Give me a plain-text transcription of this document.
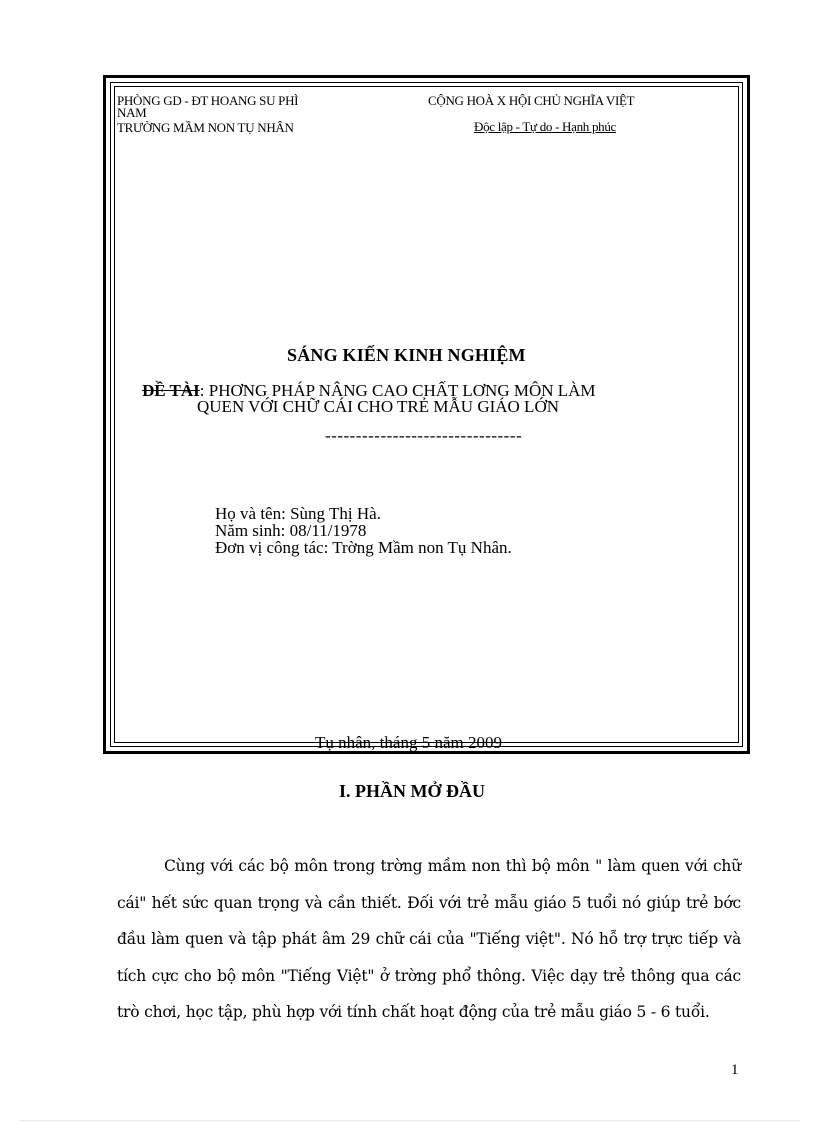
PHÒNG GD - ĐT HOANG SU PHÌ
NAM
TRƯỜNG MẦM NON TỤ NHÂN
CỘNG HOÀ X HỘI CHỦ NGHĨA VIỆT
Độc lập - Tự do - Hạnh phúc
SÁNG KIẾN KINH NGHIỆM
ĐỀ TÀI: PHƠNG PHÁP NÂNG CAO CHẤT LƠNG MÔN LÀM
QUEN VỚI CHỮ CÁI CHO TRẺ MẪU GIÁO LỚN
--------------------------------
Họ và tên: Sùng Thị Hà.
Năm sinh: 08/11/1978
Đơn vị công tác: Trờng Mầm non Tụ Nhân.
Tụ nhân, tháng 5 năm 2009
I. PHẦN MỞ ĐẦU
Cùng với các bộ môn trong trờng mầm non thì bộ môn " làm quen với chữ cái" hết sức quan trọng và cần thiết. Đối với trẻ mẫu giáo 5 tuổi nó giúp trẻ bớc đầu làm quen và tập phát âm 29 chữ cái của "Tiếng việt". Nó hỗ trợ trực tiếp và tích cực cho bộ môn "Tiếng Việt" ở trờng phổ thông. Việc dạy trẻ thông qua các trò chơi, học tập, phù hợp với tính chất hoạt động của trẻ mẫu giáo 5 - 6 tuổi.
1
